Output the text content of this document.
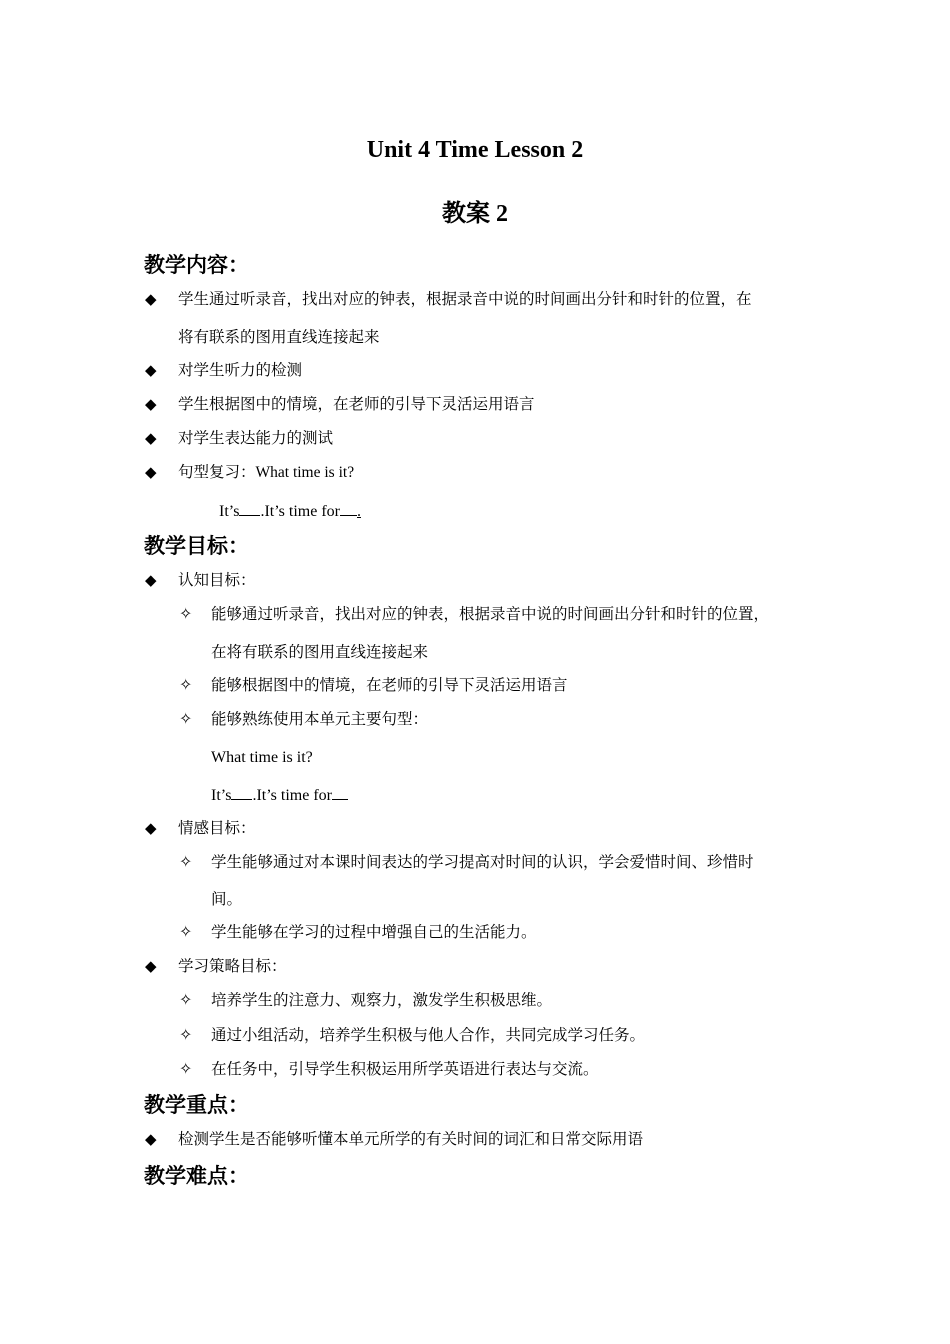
Unit 4 Time Lesson 2
教案 2
教学内容：
◆ 学生通过听录音，找出对应的钟表，根据录音中说的时间画出分针和时针的位置，在
将有联系的图用直线连接起来
◆ 对学生听力的检测
◆ 学生根据图中的情境，在老师的引导下灵活运用语言
◆ 对学生表达能力的测试
◆ 句型复习：What time is it?
It’s .It’s time for .
教学目标：
◆ 认知目标：
✧ 能够通过听录音，找出对应的钟表，根据录音中说的时间画出分针和时针的位置，
在将有联系的图用直线连接起来
✧ 能够根据图中的情境，在老师的引导下灵活运用语言
✧ 能够熟练使用本单元主要句型：
What time is it?
It’s .It’s time for
◆ 情感目标：
✧ 学生能够通过对本课时间表达的学习提高对时间的认识，学会爱惜时间、珍惜时
间。
✧ 学生能够在学习的过程中增强自己的生活能力。
◆ 学习策略目标：
✧ 培养学生的注意力、观察力，激发学生积极思维。
✧ 通过小组活动，培养学生积极与他人合作，共同完成学习任务。
✧ 在任务中，引导学生积极运用所学英语进行表达与交流。
教学重点：
◆ 检测学生是否能够听懂本单元所学的有关时间的词汇和日常交际用语
教学难点：
